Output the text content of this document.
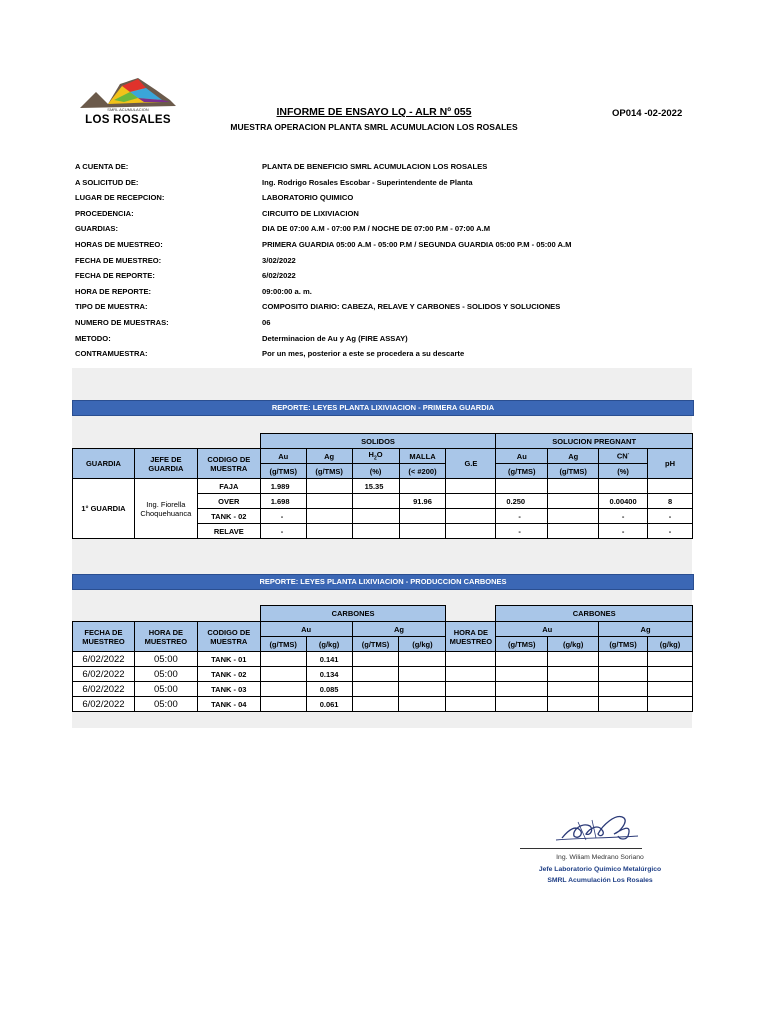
SMRL ACUMULACION
LOS ROSALES
INFORME DE ENSAYO LQ - ALR Nº 055
MUESTRA OPERACION PLANTA SMRL ACUMULACION LOS ROSALES
OP014 -02-2022
A CUENTA DE:	PLANTA DE BENEFICIO SMRL ACUMULACION LOS ROSALES
A SOLICITUD DE:	Ing. Rodrigo Rosales Escobar - Superintendente de Planta
LUGAR DE RECEPCION:	LABORATORIO QUIMICO
PROCEDENCIA:	CIRCUITO DE LIXIVIACION
GUARDIAS:	DIA DE 07:00 A.M - 07:00 P.M / NOCHE DE 07:00 P.M - 07:00 A.M
HORAS DE MUESTREO:	PRIMERA GUARDIA 05:00 A.M - 05:00 P.M / SEGUNDA GUARDIA 05:00 P.M - 05:00 A.M
FECHA DE MUESTREO:	3/02/2022
FECHA DE REPORTE:	6/02/2022
HORA DE REPORTE:	09:00:00 a. m.
TIPO DE MUESTRA:	COMPOSITO DIARIO: CABEZA, RELAVE Y CARBONES - SOLIDOS Y SOLUCIONES
NUMERO DE MUESTRAS:	06
METODO:	Determinacion de Au y Ag (FIRE ASSAY)
CONTRAMUESTRA:	Por un mes, posterior a este se procedera a su descarte
REPORTE: LEYES PLANTA LIXIVIACION - PRIMERA GUARDIA
			SOLIDOS					SOLUCION PREGNANT			
GUARDIA	JEFE DE GUARDIA	CODIGO DE MUESTRA	Au	Ag	$H_2O$	MALLA	G.E	Au	Ag	CN-	pH
			(g/TMS)	(g/TMS)	(%)	(< #200)		(g/TMS)	(g/TMS)	(%)	
1° GUARDIA	Ing. Fiorella Choquehuanca	FAJA	1.989		15.35						
		OVER	1.698			91.96		0.250		0.00400	8
		TANK - 02	-					-		-	-
		RELAVE	-					-		-	-
REPORTE: LEYES PLANTA LIXIVIACION - PRODUCCION CARBONES
			CARBONES					CARBONES			
FECHA DE MUESTREO	HORA DE MUESTREO	CODIGO DE MUESTRA	Au		Ag		HORA DE MUESTREO	Au		Ag	
			(g/TMS)	(g/kg)	(g/TMS)	(g/kg)		(g/TMS)	(g/kg)	(g/TMS)	(g/kg)
6/02/2022	05:00	TANK - 01		0.141							
6/02/2022	05:00	TANK - 02		0.134							
6/02/2022	05:00	TANK - 03		0.085							
6/02/2022	05:00	TANK - 04		0.061							
Ing. Wiliam Medrano Soriano
Jefe Laboratorio Químico Metalúrgico
SMRL Acumulación Los Rosales
